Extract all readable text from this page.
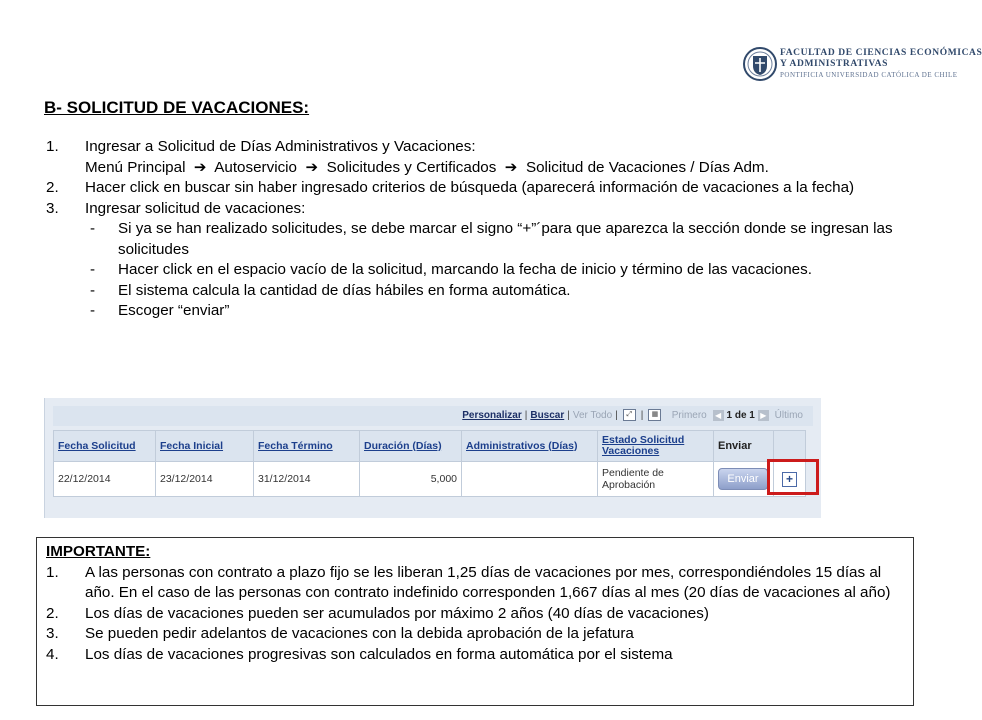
FACULTAD DE CIENCIAS ECONÓMICAS
Y ADMINISTRATIVAS
PONTIFICIA UNIVERSIDAD CATÓLICA DE CHILE
B- SOLICITUD DE VACACIONES:
1. Ingresar a Solicitud de Días Administrativos y Vacaciones:
Menú Principal  ➔  Autoservicio  ➔  Solicitudes y Certificados  ➔  Solicitud de Vacaciones / Días Adm.
2. Hacer click en buscar sin haber ingresado criterios de búsqueda (aparecerá información de vacaciones a la fecha)
3. Ingresar solicitud de vacaciones:
- Si ya se han realizado solicitudes, se debe marcar el signo “+”´para que aparezca la sección donde se ingresan las solicitudes
- Hacer click en el espacio vacío de la solicitud, marcando la fecha de inicio y término de las vacaciones.
- El sistema calcula la cantidad de días hábiles en forma automática.
- Escoger “enviar”
Personalizar | Buscar | Ver Todo | ⤢ | ▦ Primero ◀ 1 de 1 ▶ Último
Fecha Solicitud	Fecha Inicial	Fecha Término	Duración (Días)	Administrativos (Días)	Estado Solicitud Vacaciones	Enviar	
22/12/2014	23/12/2014	31/12/2014	5,000		Pendiente de Aprobación	Enviar	+
IMPORTANTE:
1. A las personas con contrato a plazo fijo se les liberan 1,25 días de vacaciones por mes, correspondiéndoles 15 días al año. En el caso de las personas con contrato indefinido corresponden 1,667 días al mes (20 días de vacaciones al año)
2. Los días de vacaciones pueden ser acumulados por máximo 2 años (40 días de vacaciones)
3. Se pueden pedir adelantos de vacaciones con la debida aprobación de la jefatura
4. Los días de vacaciones progresivas son calculados en forma automática por el sistema
